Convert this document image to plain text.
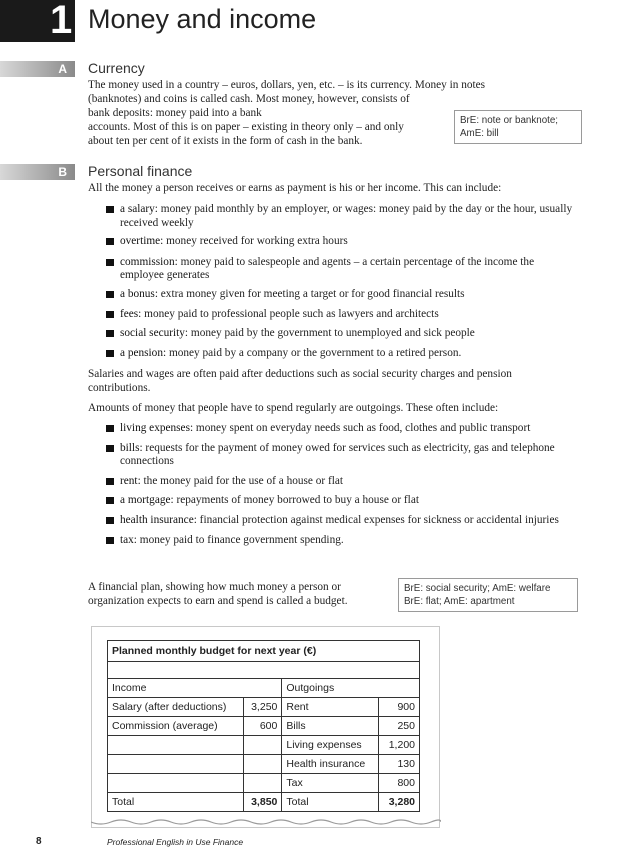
1 Money and income
A Currency
The money used in a country – euros, dollars, yen, etc. – is its currency. Money in notes
(banknotes) and coins is called cash. Most money, however, consists of
bank deposits: money paid into a bank
accounts. Most of this is on paper – existing in theory only – and only
about ten per cent of it exists in the form of cash in the bank.
BrE: note or banknote;
AmE: bill
B Personal finance
All the money a person receives or earns as payment is his or her income. This can include:
a salary: money paid monthly by an employer, or wages: money paid by the day or the hour, usually received weekly
overtime: money received for working extra hours
commission: money paid to salespeople and agents – a certain percentage of the income the employee generates
a bonus: extra money given for meeting a target or for good financial results
fees: money paid to professional people such as lawyers and architects
social security: money paid by the government to unemployed and sick people
a pension: money paid by a company or the government to a retired person.
Salaries and wages are often paid after deductions such as social security charges and pension contributions.
Amounts of money that people have to spend regularly are outgoings. These often include:
living expenses: money spent on everyday needs such as food, clothes and public transport
bills: requests for the payment of money owed for services such as electricity, gas and telephone connections
rent: the money paid for the use of a house or flat
a mortgage: repayments of money borrowed to buy a house or flat
health insurance: financial protection against medical expenses for sickness or accidental injuries
tax: money paid to finance government spending.
A financial plan, showing how much money a person or
organization expects to earn and spend is called a budget.
BrE: social security; AmE: welfare
BrE: flat; AmE: apartment
Planned monthly budget for next year (€)			

Income		Outgoings	
Salary (after deductions)	3,250	Rent	900
Commission (average)	600	Bills	250
		Living expenses	1,200
		Health insurance	130
		Tax	800
Total	3,850	Total	3,280
8	Professional English in Use Finance
